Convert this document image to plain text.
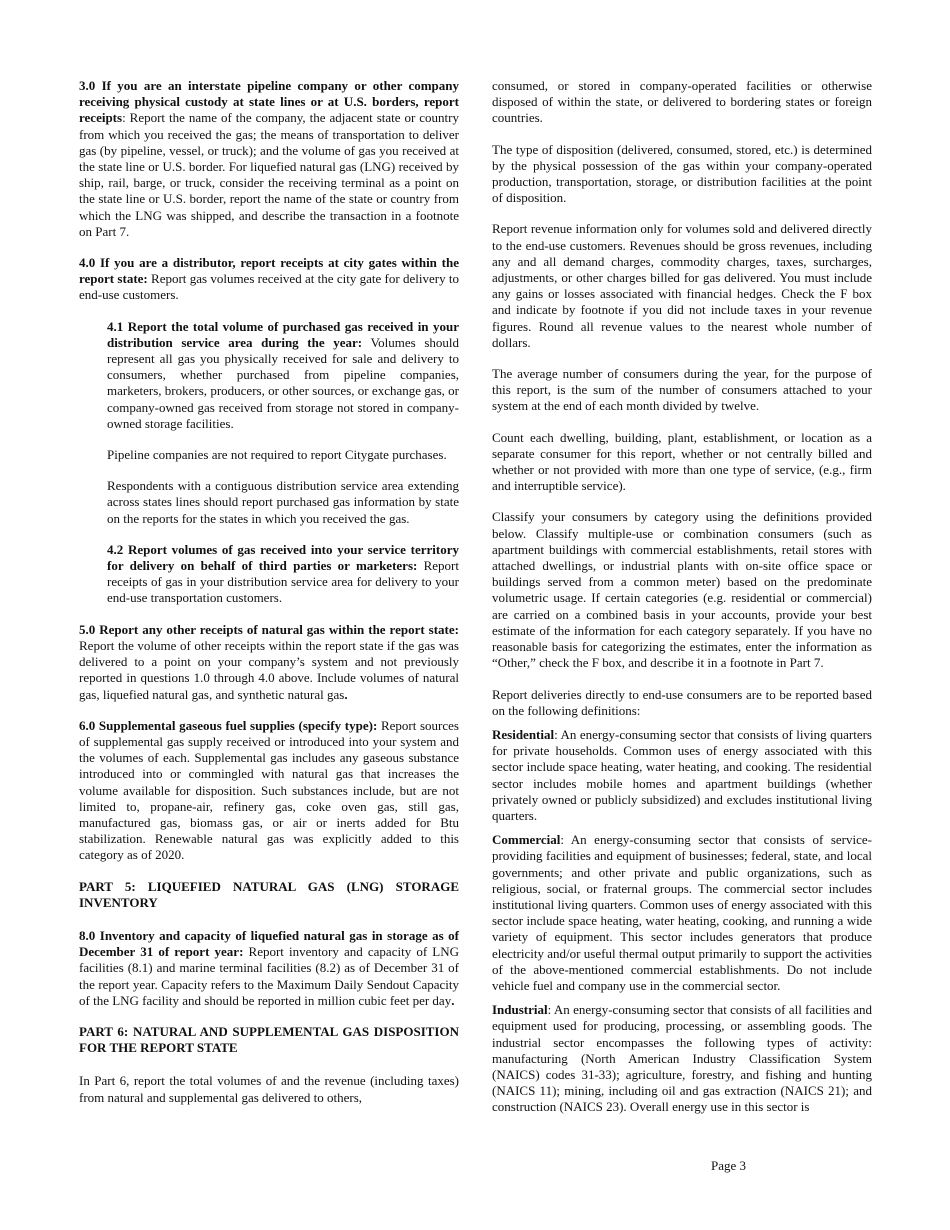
3.0 If you are an interstate pipeline company or other company receiving physical custody at state lines or at U.S. borders, report receipts: Report the name of the company, the adjacent state or country from which you received the gas; the means of transportation to deliver gas (by pipeline, vessel, or truck); and the volume of gas you received at the state line or U.S. border. For liquefied natural gas (LNG) received by ship, rail, barge, or truck, consider the receiving terminal as a point on the state line or U.S. border, report the name of the state or country from which the LNG was shipped, and describe the transaction in a footnote on Part 7.

4.0 If you are a distributor, report receipts at city gates within the report state: Report gas volumes received at the city gate for delivery to end-use customers.

4.1 Report the total volume of purchased gas received in your distribution service area during the year: Volumes should represent all gas you physically received for sale and delivery to consumers, whether purchased from pipeline companies, marketers, brokers, producers, or other sources, or exchange gas, or company-owned gas received from storage not stored in company-owned storage facilities.

Pipeline companies are not required to report Citygate purchases.

Respondents with a contiguous distribution service area extending across states lines should report purchased gas information by state on the reports for the states in which you received the gas.

4.2 Report volumes of gas received into your service territory for delivery on behalf of third parties or marketers: Report receipts of gas in your distribution service area for delivery to your end-use transportation customers.

5.0 Report any other receipts of natural gas within the report state: Report the volume of other receipts within the report state if the gas was delivered to a point on your company’s system and not previously reported in questions 1.0 through 4.0 above. Include volumes of natural gas, liquefied natural gas, and synthetic natural gas.

6.0 Supplemental gaseous fuel supplies (specify type): Report sources of supplemental gas supply received or introduced into your system and the volumes of each. Supplemental gas includes any gaseous substance introduced into or commingled with natural gas that increases the volume available for disposition. Such substances include, but are not limited to, propane-air, refinery gas, coke oven gas, still gas, manufactured gas, biomass gas, or air or inerts added for Btu stabilization. Renewable natural gas was explicitly added to this category as of 2020.

PART 5: LIQUEFIED NATURAL GAS (LNG) STORAGE INVENTORY

8.0 Inventory and capacity of liquefied natural gas in storage as of December 31 of report year: Report inventory and capacity of LNG facilities (8.1) and marine terminal facilities (8.2) as of December 31 of the report year. Capacity refers to the Maximum Daily Sendout Capacity of the LNG facility and should be reported in million cubic feet per day.

PART 6: NATURAL AND SUPPLEMENTAL GAS DISPOSITION FOR THE REPORT STATE

In Part 6, report the total volumes of and the revenue (including taxes) from natural and supplemental gas delivered to others,

consumed, or stored in company-operated facilities or otherwise disposed of within the state, or delivered to bordering states or foreign countries.

The type of disposition (delivered, consumed, stored, etc.) is determined by the physical possession of the gas within your company-operated production, transportation, storage, or distribution facilities at the point of disposition.

Report revenue information only for volumes sold and delivered directly to the end-use customers. Revenues should be gross revenues, including any and all demand charges, commodity charges, taxes, surcharges, adjustments, or other charges billed for gas delivered. You must include any gains or losses associated with financial hedges. Check the F box and indicate by footnote if you did not include taxes in your revenue figures. Round all revenue values to the nearest whole number of dollars.

The average number of consumers during the year, for the purpose of this report, is the sum of the number of consumers attached to your system at the end of each month divided by twelve.

Count each dwelling, building, plant, establishment, or location as a separate consumer for this report, whether or not centrally billed and whether or not provided with more than one type of service, (e.g., firm and interruptible service).

Classify your consumers by category using the definitions provided below. Classify multiple-use or combination consumers (such as apartment buildings with commercial establishments, retail stores with attached dwellings, or industrial plants with on-site office space or buildings served from a common meter) based on the predominate volumetric usage. If certain categories (e.g. residential or commercial) are carried on a combined basis in your accounts, provide your best estimate of the information for each category separately. If you have no reasonable basis for categorizing the estimates, enter the information as “Other,” check the F box, and describe it in a footnote in Part 7.

Report deliveries directly to end-use consumers are to be reported based on the following definitions:

Residential: An energy-consuming sector that consists of living quarters for private households. Common uses of energy associated with this sector include space heating, water heating, and cooking. The residential sector includes mobile homes and apartment buildings (whether privately owned or publicly subsidized) and excludes institutional living quarters.

Commercial: An energy-consuming sector that consists of service-providing facilities and equipment of businesses; federal, state, and local governments; and other private and public organizations, such as religious, social, or fraternal groups. The commercial sector includes institutional living quarters. Common uses of energy associated with this sector include space heating, water heating, cooking, and running a wide variety of equipment. This sector includes generators that produce electricity and/or useful thermal output primarily to support the activities of the above-mentioned commercial establishments. Do not include vehicle fuel and company use in the commercial sector.

Industrial: An energy-consuming sector that consists of all facilities and equipment used for producing, processing, or assembling goods. The industrial sector encompasses the following types of activity: manufacturing (North American Industry Classification System (NAICS) codes 31-33); agriculture, forestry, and fishing and hunting (NAICS 11); mining, including oil and gas extraction (NAICS 21); and construction (NAICS 23). Overall energy use in this sector is

Page 3
